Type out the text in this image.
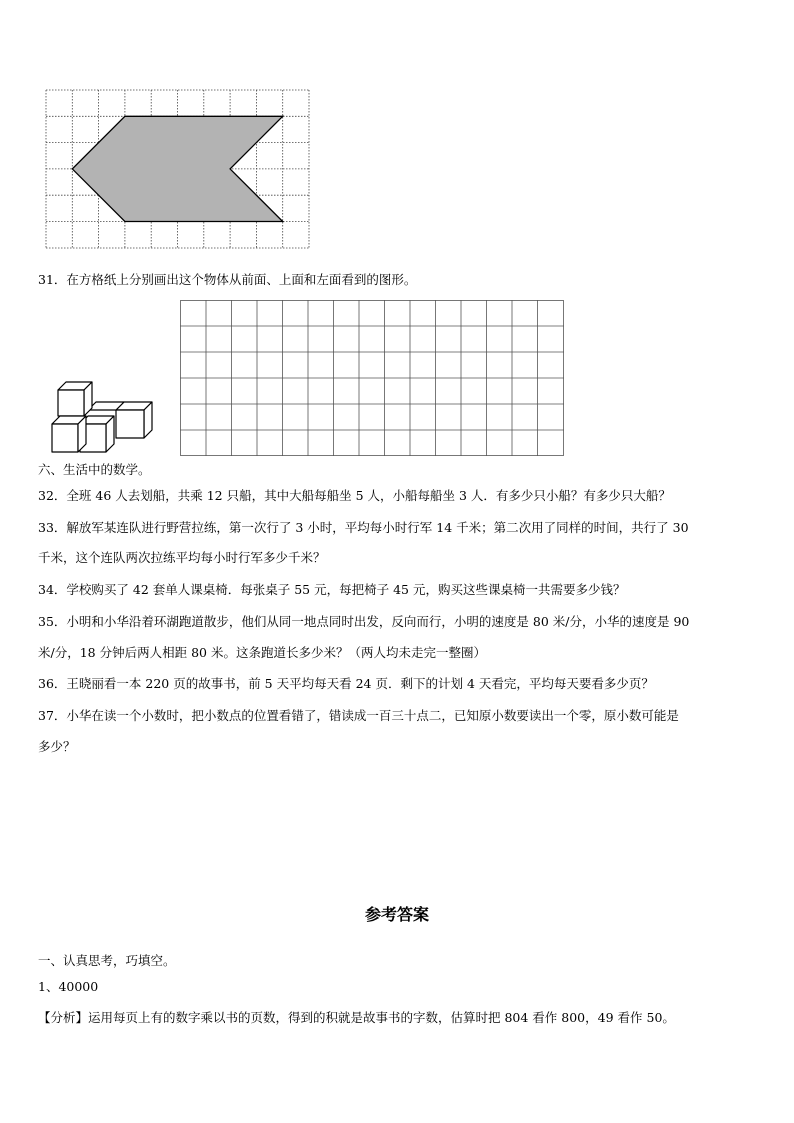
31．在方格纸上分别画出这个物体从前面、上面和左面看到的图形。
六、生活中的数学。
32．全班 46 人去划船，共乘 12 只船，其中大船每船坐 5 人，小船每船坐 3 人．有多少只小船？有多少只大船？
33．解放军某连队进行野营拉练，第一次行了 3 小时，平均每小时行军 14 千米；第二次用了同样的时间，共行了 30
千米，这个连队两次拉练平均每小时行军多少千米？
34．学校购买了 42 套单人课桌椅．每张桌子 55 元，每把椅子 45 元，购买这些课桌椅一共需要多少钱？
35．小明和小华沿着环湖跑道散步，他们从同一地点同时出发，反向而行，小明的速度是 80 米/分，小华的速度是 90
米/分，18 分钟后两人相距 80 米。这条跑道长多少米？（两人均未走完一整圈）
36．王晓丽看一本 220 页的故事书，前 5 天平均每天看 24 页．剩下的计划 4 天看完，平均每天要看多少页？
37．小华在读一个小数时，把小数点的位置看错了，错读成一百三十点二，已知原小数要读出一个零，原小数可能是
多少？
参考答案
一、认真思考，巧填空。
1、40000
【分析】运用每页上有的数字乘以书的页数，得到的积就是故事书的字数，估算时把 804 看作 800，49 看作 50。
